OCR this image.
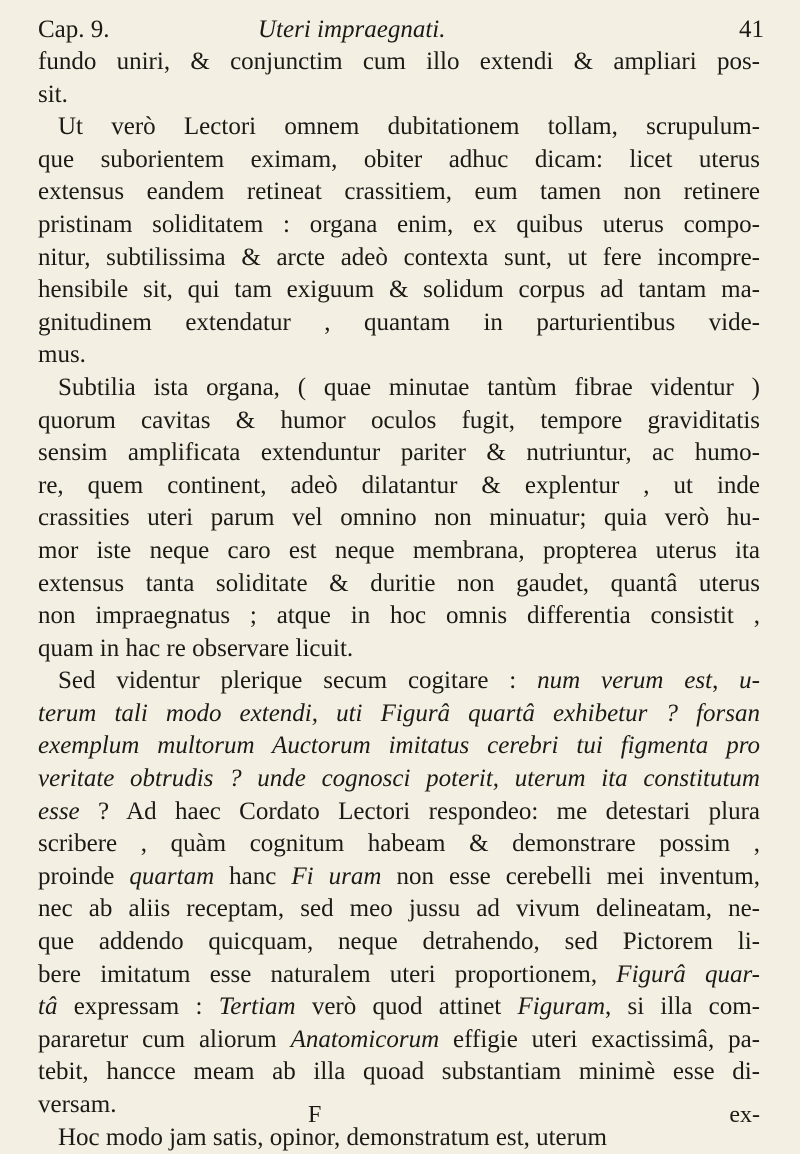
Cap. 9.	Uteri impraegnati.	41
fundo uniri, & conjunctim cum illo extendi & ampliari pos-
sit.
Ut verò Lectori omnem dubitationem tollam, scrupulum-
que suborientem eximam, obiter adhuc dicam: licet uterus
extensus eandem retineat crassitiem, eum tamen non retinere
pristinam soliditatem : organa enim, ex quibus uterus compo-
nitur, subtilissima & arcte adeò contexta sunt, ut fere incompre-
hensibile sit, qui tam exiguum & solidum corpus ad tantam ma-
gnitudinem extendatur , quantam in parturientibus vide-
mus.
Subtilia ista organa, ( quae minutae tantùm fibrae videntur )
quorum cavitas & humor oculos fugit, tempore graviditatis
sensim amplificata extenduntur pariter & nutriuntur, ac humo-
re, quem continent, adeò dilatantur & explentur , ut inde
crassities uteri parum vel omnino non minuatur; quia verò hu-
mor iste neque caro est neque membrana, propterea uterus ita
extensus tanta soliditate & duritie non gaudet, quantâ uterus
non impraegnatus ; atque in hoc omnis differentia consistit ,
quam in hac re observare licuit.
Sed videntur plerique secum cogitare : num verum est, u-
terum tali modo extendi, uti Figurâ quartâ exhibetur ? forsan
exemplum multorum Auctorum imitatus cerebri tui figmenta pro
veritate obtrudis ? unde cognosci poterit, uterum ita constitutum
esse ? Ad haec Cordato Lectori respondeo: me detestari plura
scribere , quàm cognitum habeam & demonstrare possim ,
proinde quartam hanc Fi uram non esse cerebelli mei inventum,
nec ab aliis receptam, sed meo jussu ad vivum delineatam, ne-
que addendo quicquam, neque detrahendo, sed Pictorem li-
bere imitatum esse naturalem uteri proportionem, Figurâ quar-
tâ expressam : Tertiam verò quod attinet Figuram, si illa com-
pararetur cum aliorum Anatomicorum effigie uteri exactissimâ, pa-
tebit, hancce meam ab illa quoad substantiam minimè esse di-
versam.
Hoc modo jam satis, opinor, demonstratum est, uterum
F	ex-
